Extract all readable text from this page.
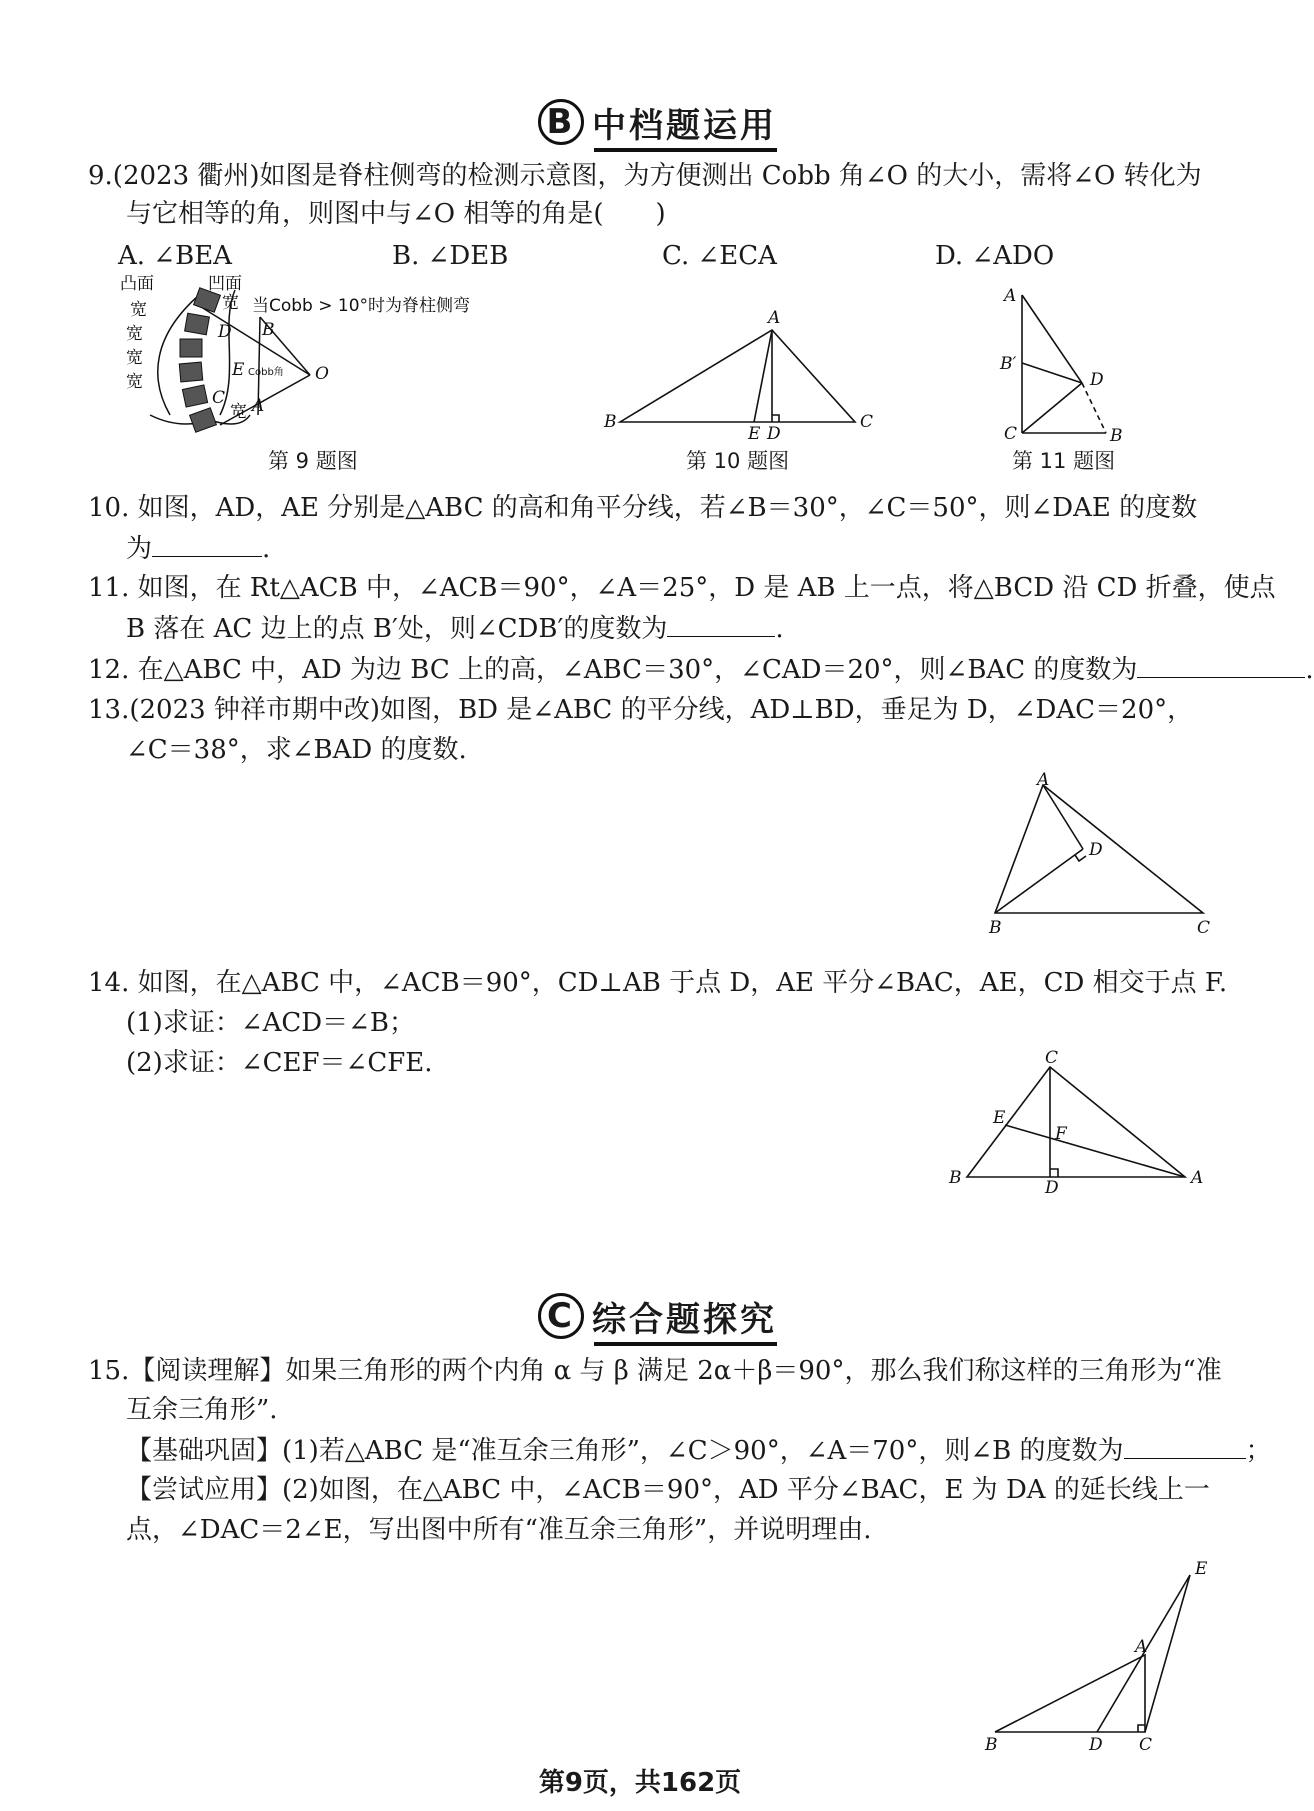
B 中档题运用
9.(2023 衢州)如图是脊柱侧弯的检测示意图，为方便测出 Cobb 角∠O 的大小，需将∠O 转化为
与它相等的角，则图中与∠O 相等的角是(　　)
A. ∠BEA	B. ∠DEB	C. ∠ECA	D. ∠ADO
凸面	凹面
宽
宽
宽
宽
宽
宽
当Cobb > 10°时为脊柱侧弯
D B
E Cobb角
C A
O
A
B	C
E D
A
B′
D
C	B
第 9 题图	第 10 题图	第 11 题图
10. 如图，AD，AE 分别是△ABC 的高和角平分线，若∠B＝30°，∠C＝50°，则∠DAE 的度数
为	.
11. 如图，在 Rt△ACB 中，∠ACB＝90°，∠A＝25°，D 是 AB 上一点，将△BCD 沿 CD 折叠，使点
B 落在 AC 边上的点 B′处，则∠CDB′的度数为	.
12. 在△ABC 中，AD 为边 BC 上的高，∠ABC＝30°，∠CAD＝20°，则∠BAC 的度数为	.
13.(2023 钟祥市期中改)如图，BD 是∠ABC 的平分线，AD⊥BD，垂足为 D，∠DAC＝20°，
∠C＝38°，求∠BAD 的度数.
A
D
B	C
14. 如图，在△ABC 中，∠ACB＝90°，CD⊥AB 于点 D，AE 平分∠BAC，AE，CD 相交于点 F.
(1)求证：∠ACD＝∠B；
(2)求证：∠CEF＝∠CFE.	C
E
F
B	D	A
C 综合题探究
15.【阅读理解】如果三角形的两个内角 α 与 β 满足 2α＋β＝90°，那么我们称这样的三角形为“准
互余三角形”.
【基础巩固】(1)若△ABC 是“准互余三角形”，∠C＞90°，∠A＝70°，则∠B 的度数为	；
【尝试应用】(2)如图，在△ABC 中，∠ACB＝90°，AD 平分∠BAC，E 为 DA 的延长线上一
点，∠DAC＝2∠E，写出图中所有“准互余三角形”，并说明理由.
E
A
B	D C
第9页，共162页
